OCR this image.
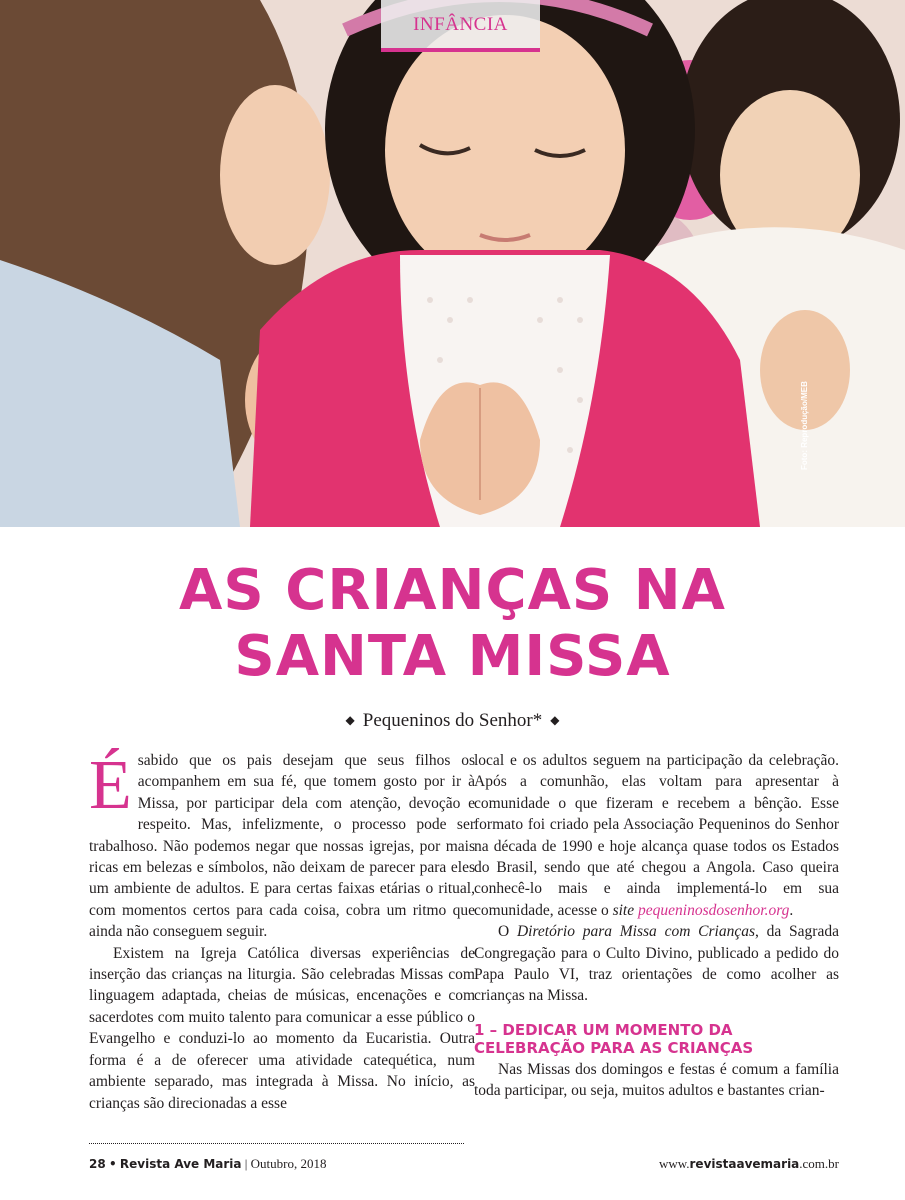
INFÂNCIA
Foto: Reprodução/MEB
AS CRIANÇAS NA
SANTA MISSA
◆ Pequeninos do Senhor* ◆

É sabido que os pais desejam que seus filhos os acompanhem em sua fé, que tomem gosto por ir à Missa, por participar dela com atenção, devoção e respeito. Mas, infelizmente, o processo pode ser trabalhoso. Não podemos negar que nossas igrejas, por mais ricas em belezas e símbolos, não deixam de parecer para eles um ambiente de adultos. E para certas faixas etárias o ritual, com momentos certos para cada coisa, cobra um ritmo que ainda não conseguem seguir.

Existem na Igreja Católica diversas experiências de inserção das crianças na liturgia. São celebradas Missas com linguagem adaptada, cheias de músicas, encenações e com sacerdotes com muito talento para comunicar a esse público o Evangelho e conduzi-lo ao momento da Eucaristia. Outra forma é a de oferecer uma atividade catequética, num ambiente separado, mas integrada à Missa. No início, as crianças são direcionadas a esse

local e os adultos seguem na participação da celebração. Após a comunhão, elas voltam para apresentar à comunidade o que fizeram e recebem a bênção. Esse formato foi criado pela Associação Pequeninos do Senhor na década de 1990 e hoje alcança quase todos os Estados do Brasil, sendo que até chegou a Angola. Caso queira conhecê-lo mais e ainda implementá-lo em sua comunidade, acesse o site pequeninosdosenhor.org.

O Diretório para Missa com Crianças, da Sagrada Congregação para o Culto Divino, publicado a pedido do Papa Paulo VI, traz orientações de como acolher as crianças na Missa.

1 – DEDICAR UM MOMENTO DA
CELEBRAÇÃO PARA AS CRIANÇAS

Nas Missas dos domingos e festas é comum a família toda participar, ou seja, muitos adultos e bastantes crian-

28 • Revista Ave Maria | Outubro, 2018	www.revistaavemaria.com.br
